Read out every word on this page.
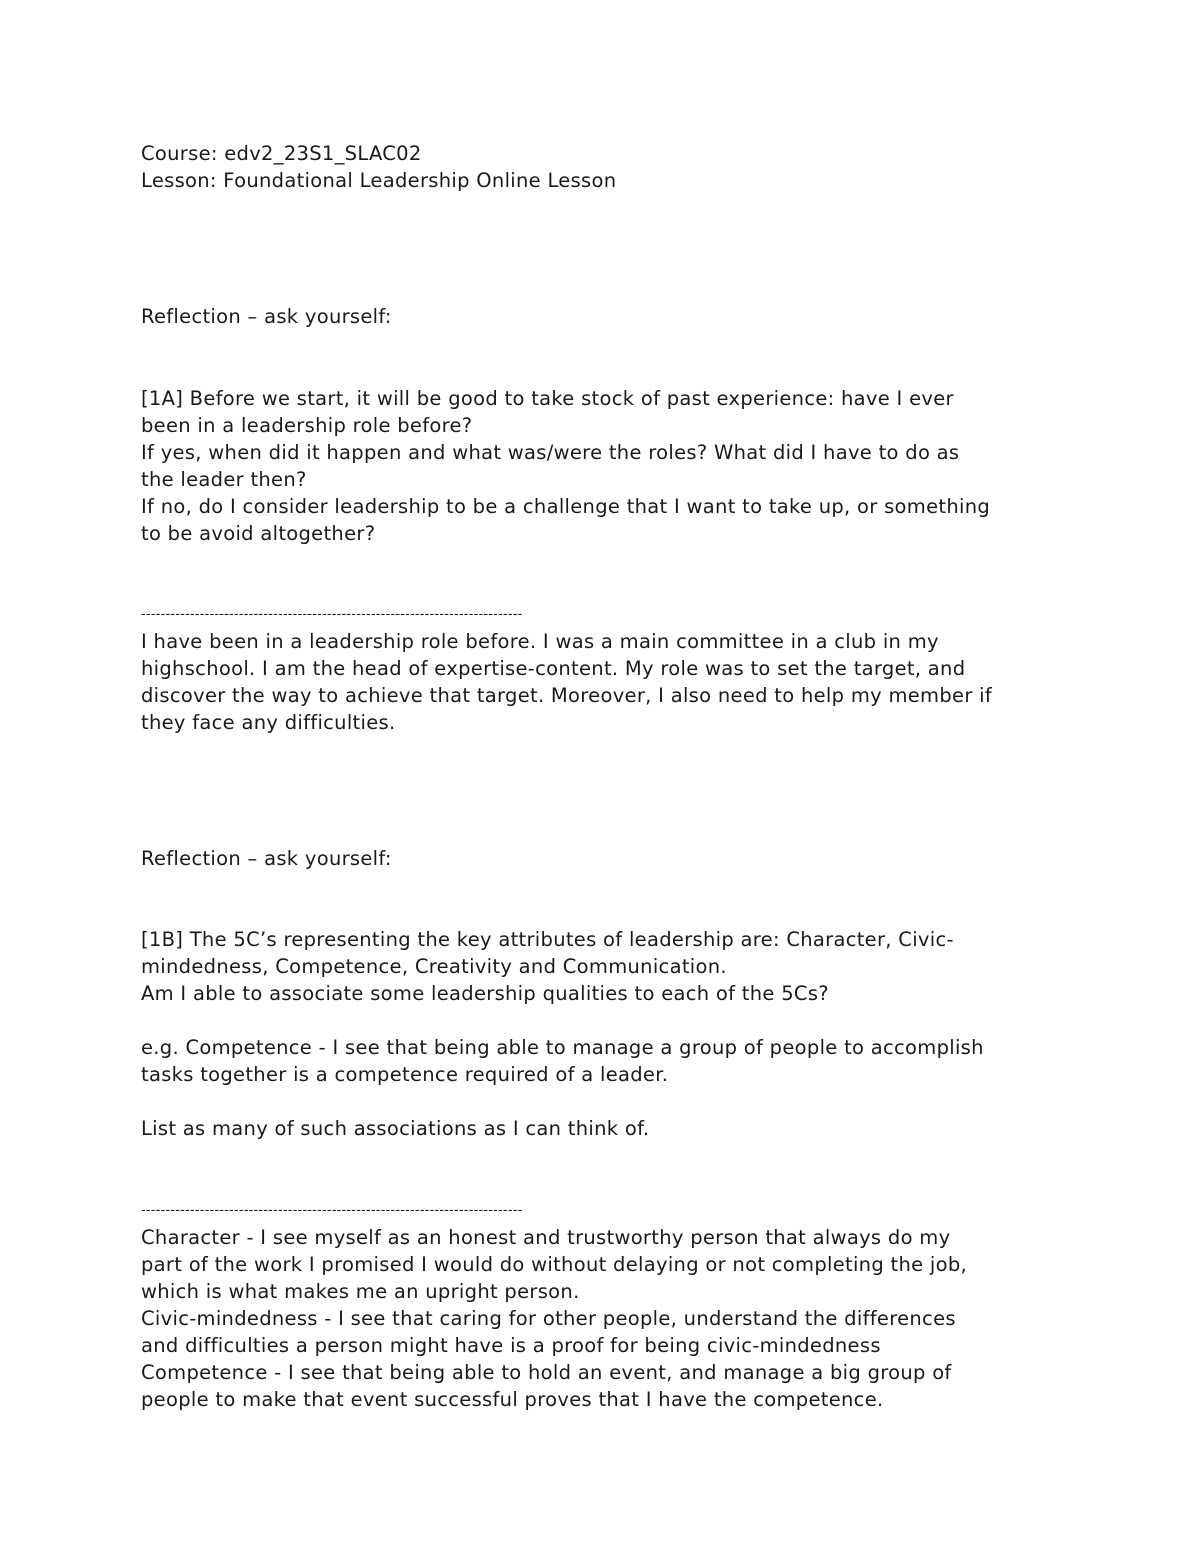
Course: edv2_23S1_SLAC02
Lesson: Foundational Leadership Online Lesson
Reflection – ask yourself:
[1A] Before we start, it will be good to take stock of past experience: have I ever
been in a leadership role before?
If yes, when did it happen and what was/were the roles? What did I have to do as
the leader then?
If no, do I consider leadership to be a challenge that I want to take up, or something
to be avoid altogether?
------------------------------------------------------------------------------
I have been in a leadership role before. I was a main committee in a club in my
highschool. I am the head of expertise-content. My role was to set the target, and
discover the way to achieve that target. Moreover, I also need to help my member if
they face any difficulties.
Reflection – ask yourself:
[1B] The 5C’s representing the key attributes of leadership are: Character, Civic-
mindedness, Competence, Creativity and Communication.
Am I able to associate some leadership qualities to each of the 5Cs?
e.g. Competence - I see that being able to manage a group of people to accomplish
tasks together is a competence required of a leader.
List as many of such associations as I can think of.
------------------------------------------------------------------------------
Character - I see myself as an honest and trustworthy person that always do my
part of the work I promised I would do without delaying or not completing the job,
which is what makes me an upright person.
Civic-mindedness - I see that caring for other people, understand the differences
and difficulties a person might have is a proof for being civic-mindedness
Competence - I see that being able to hold an event, and manage a big group of
people to make that event successful proves that I have the competence.
